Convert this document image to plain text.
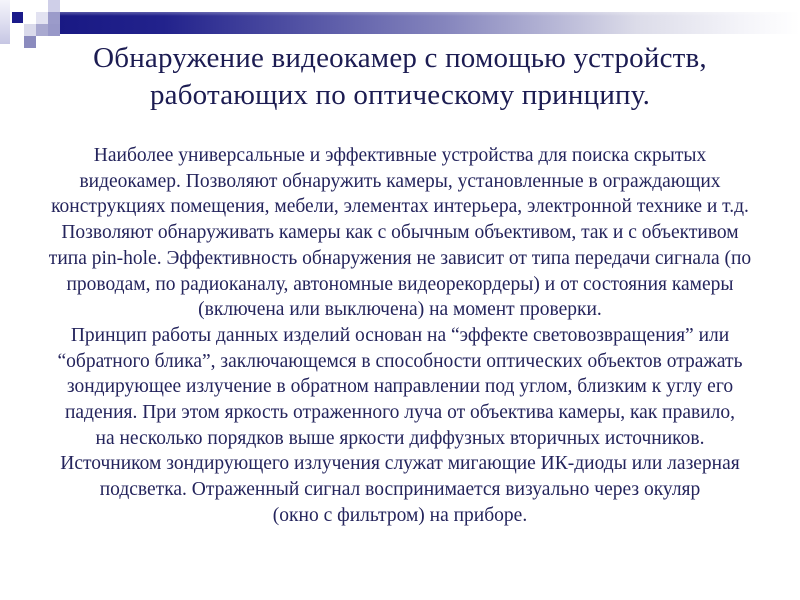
Обнаружение видеокамер с помощью устройств,
работающих по оптическому принципу.
Наиболее универсальные и эффективные устройства для поиска скрытых
видеокамер. Позволяют обнаружить камеры, установленные в ограждающих
конструкциях помещения, мебели, элементах интерьера, электронной технике и т.д.
Позволяют обнаруживать камеры как с обычным объективом, так и с объективом
типа pin-hole. Эффективность обнаружения не зависит от типа передачи сигнала (по
проводам, по радиоканалу, автономные видеорекордеры) и от состояния камеры
(включена или выключена) на момент проверки.
Принцип работы данных изделий основан на “эффекте световозвращения” или
“обратного блика”, заключающемся в способности оптических объектов отражать
зондирующее излучение в обратном направлении под углом, близким к углу его
падения. При этом яркость отраженного луча от объектива камеры, как правило,
на несколько порядков выше яркости диффузных вторичных источников.
Источником зондирующего излучения служат мигающие ИК-диоды или лазерная
подсветка. Отраженный сигнал воспринимается визуально через окуляр
(окно с фильтром) на приборе.
